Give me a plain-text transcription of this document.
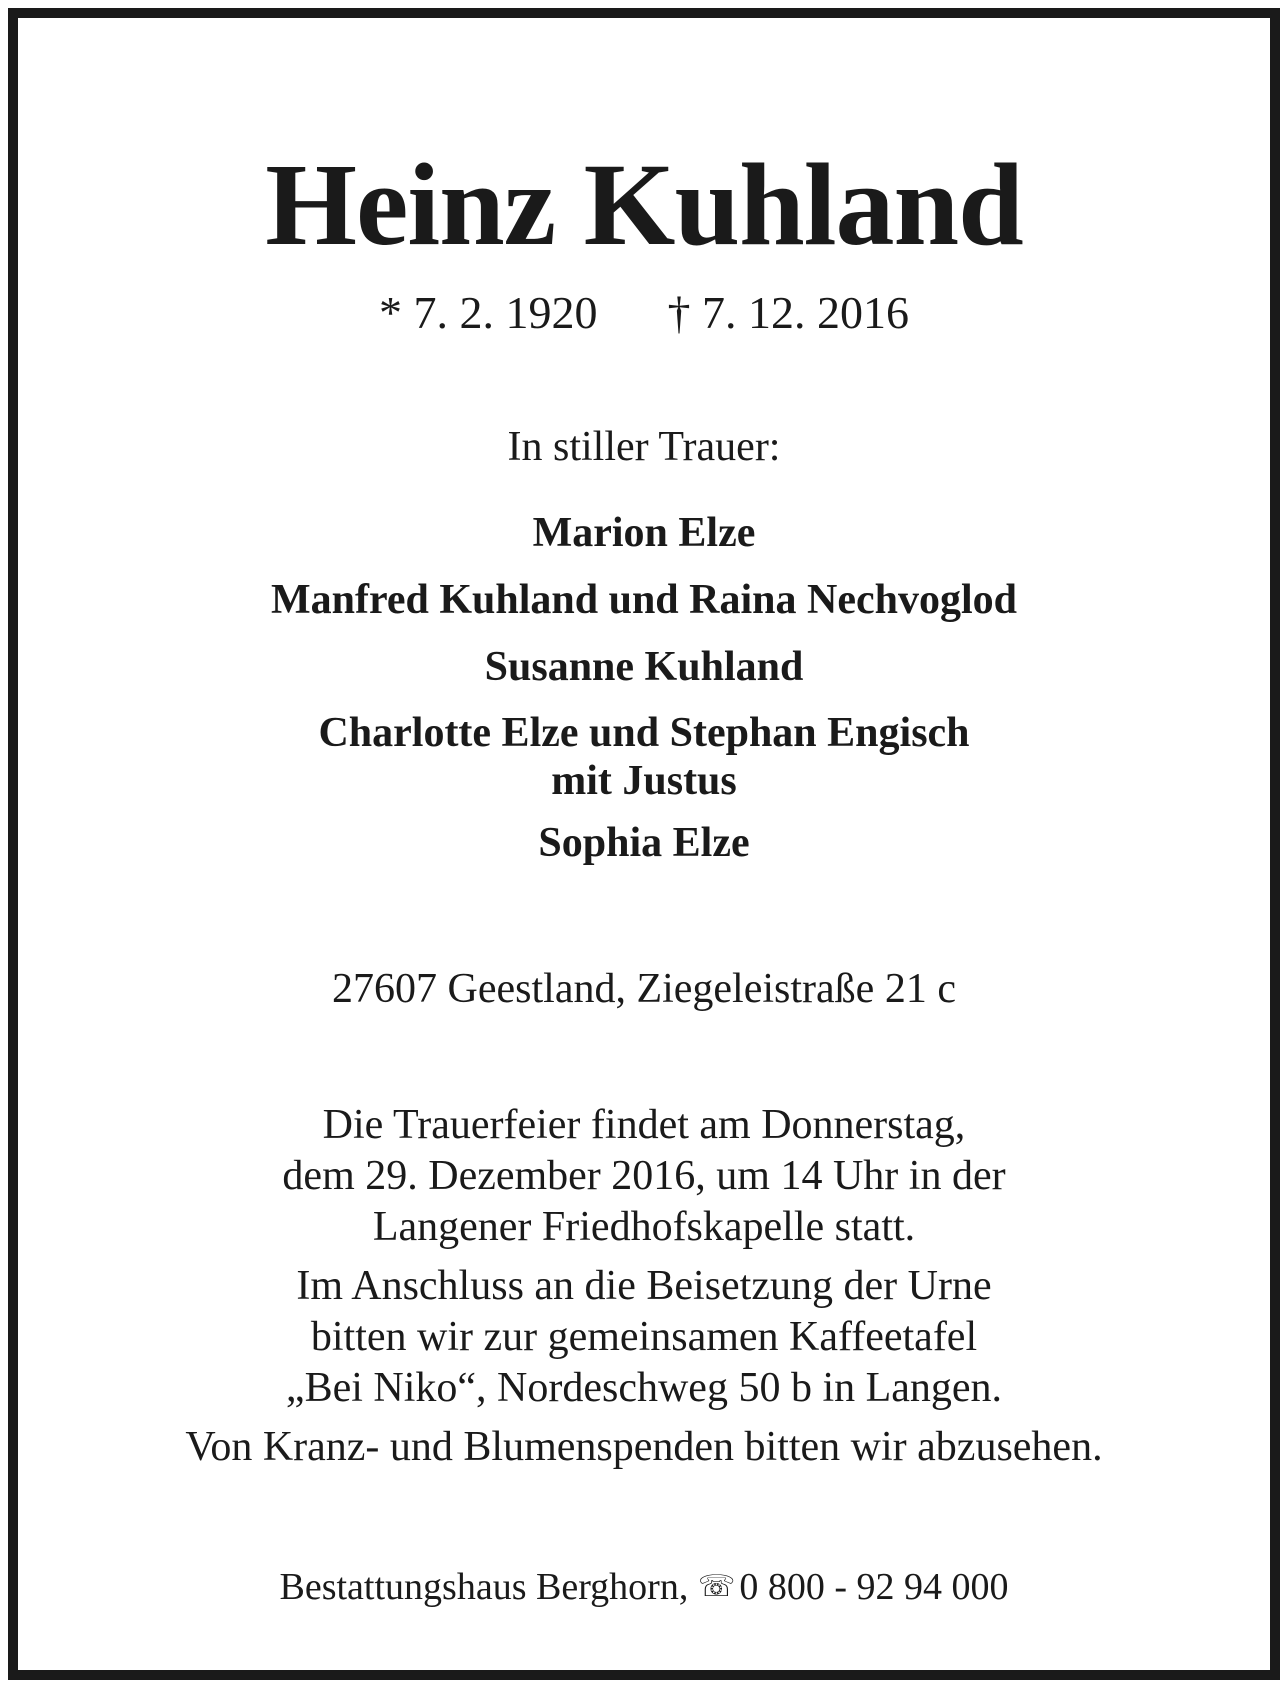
Heinz Kuhland
* 7. 2. 1920 † 7. 12. 2016
In stiller Trauer:
Marion Elze
Manfred Kuhland und Raina Nechvoglod
Susanne Kuhland
Charlotte Elze und Stephan Engisch
mit Justus
Sophia Elze
27607 Geestland, Ziegeleistraße 21 c
Die Trauerfeier findet am Donnerstag,
dem 29. Dezember 2016, um 14 Uhr in der
Langener Friedhofskapelle statt.
Im Anschluss an die Beisetzung der Urne
bitten wir zur gemeinsamen Kaffeetafel
„Bei Niko“, Nordeschweg 50 b in Langen.
Von Kranz- und Blumenspenden bitten wir abzusehen.
Bestattungshaus Berghorn, ☏ 0 800 - 92 94 000
